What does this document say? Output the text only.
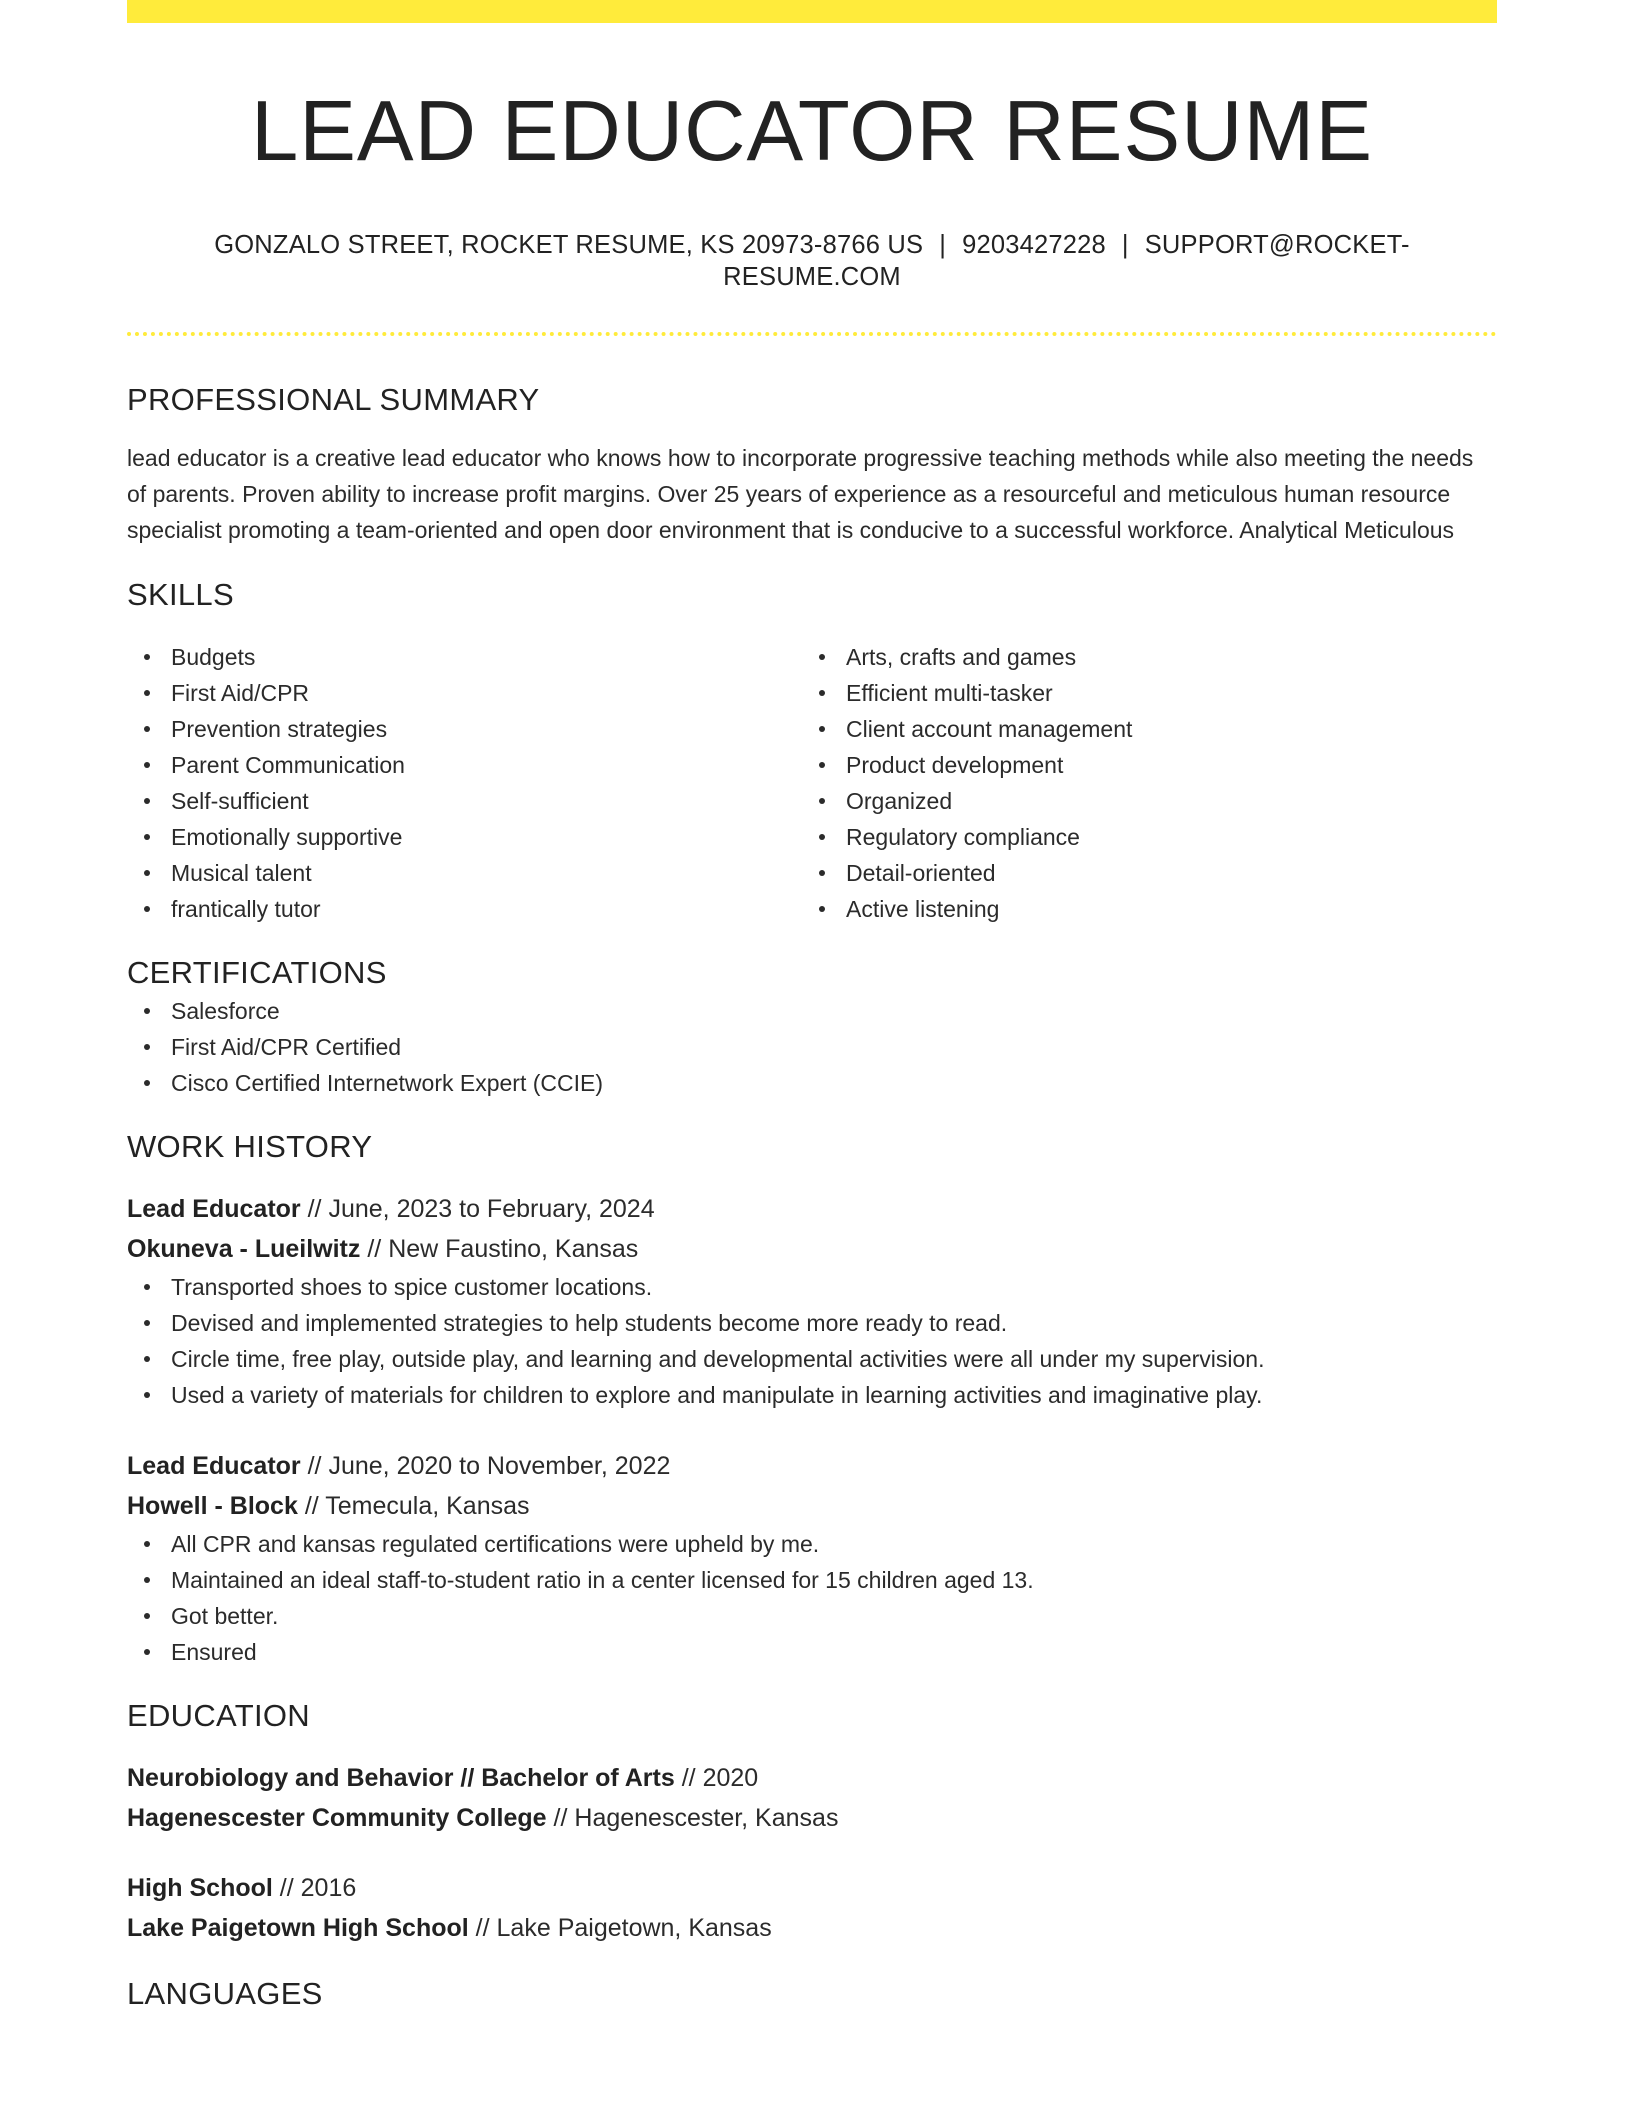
LEAD EDUCATOR RESUME
GONZALO STREET, ROCKET RESUME, KS 20973-8766 US | 9203427228 | SUPPORT@ROCKET-RESUME.COM
PROFESSIONAL SUMMARY

lead educator is a creative lead educator who knows how to incorporate progressive teaching methods while also meeting the needs of parents. Proven ability to increase profit margins. Over 25 years of experience as a resourceful and meticulous human resource specialist promoting a team-oriented and open door environment that is conducive to a successful workforce. Analytical Meticulous

SKILLS
Budgets
First Aid/CPR
Prevention strategies
Parent Communication
Self-sufficient
Emotionally supportive
Musical talent
frantically tutor
Arts, crafts and games
Efficient multi-tasker
Client account management
Product development
Organized
Regulatory compliance
Detail-oriented
Active listening
CERTIFICATIONS
Salesforce
First Aid/CPR Certified
Cisco Certified Internetwork Expert (CCIE)
WORK HISTORY
Lead Educator // June, 2023 to February, 2024
Okuneva - Lueilwitz // New Faustino, Kansas
Transported shoes to spice customer locations.
Devised and implemented strategies to help students become more ready to read.
Circle time, free play, outside play, and learning and developmental activities were all under my supervision.
Used a variety of materials for children to explore and manipulate in learning activities and imaginative play.
Lead Educator // June, 2020 to November, 2022
Howell - Block // Temecula, Kansas
All CPR and kansas regulated certifications were upheld by me.
Maintained an ideal staff-to-student ratio in a center licensed for 15 children aged 13.
Got better.
Ensured
EDUCATION
Neurobiology and Behavior // Bachelor of Arts // 2020
Hagenescester Community College // Hagenescester, Kansas
High School // 2016
Lake Paigetown High School // Lake Paigetown, Kansas
LANGUAGES
